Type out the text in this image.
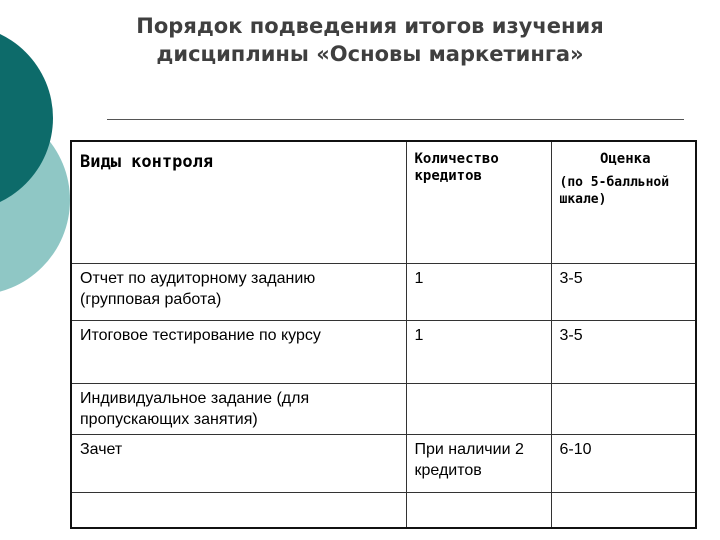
Порядок подведения итогов изучения
дисциплины «Основы маркетинга»
Виды контроля	Количество кредитов	Оценка
(по 5-балльной шкале)

Отчет по аудиторному заданию (групповая работа)	1	3-5
Итоговое тестирование по курсу	1	3-5
Индивидуальное задание (для пропускающих занятия)		
Зачет	При наличии 2 кредитов	6-10
